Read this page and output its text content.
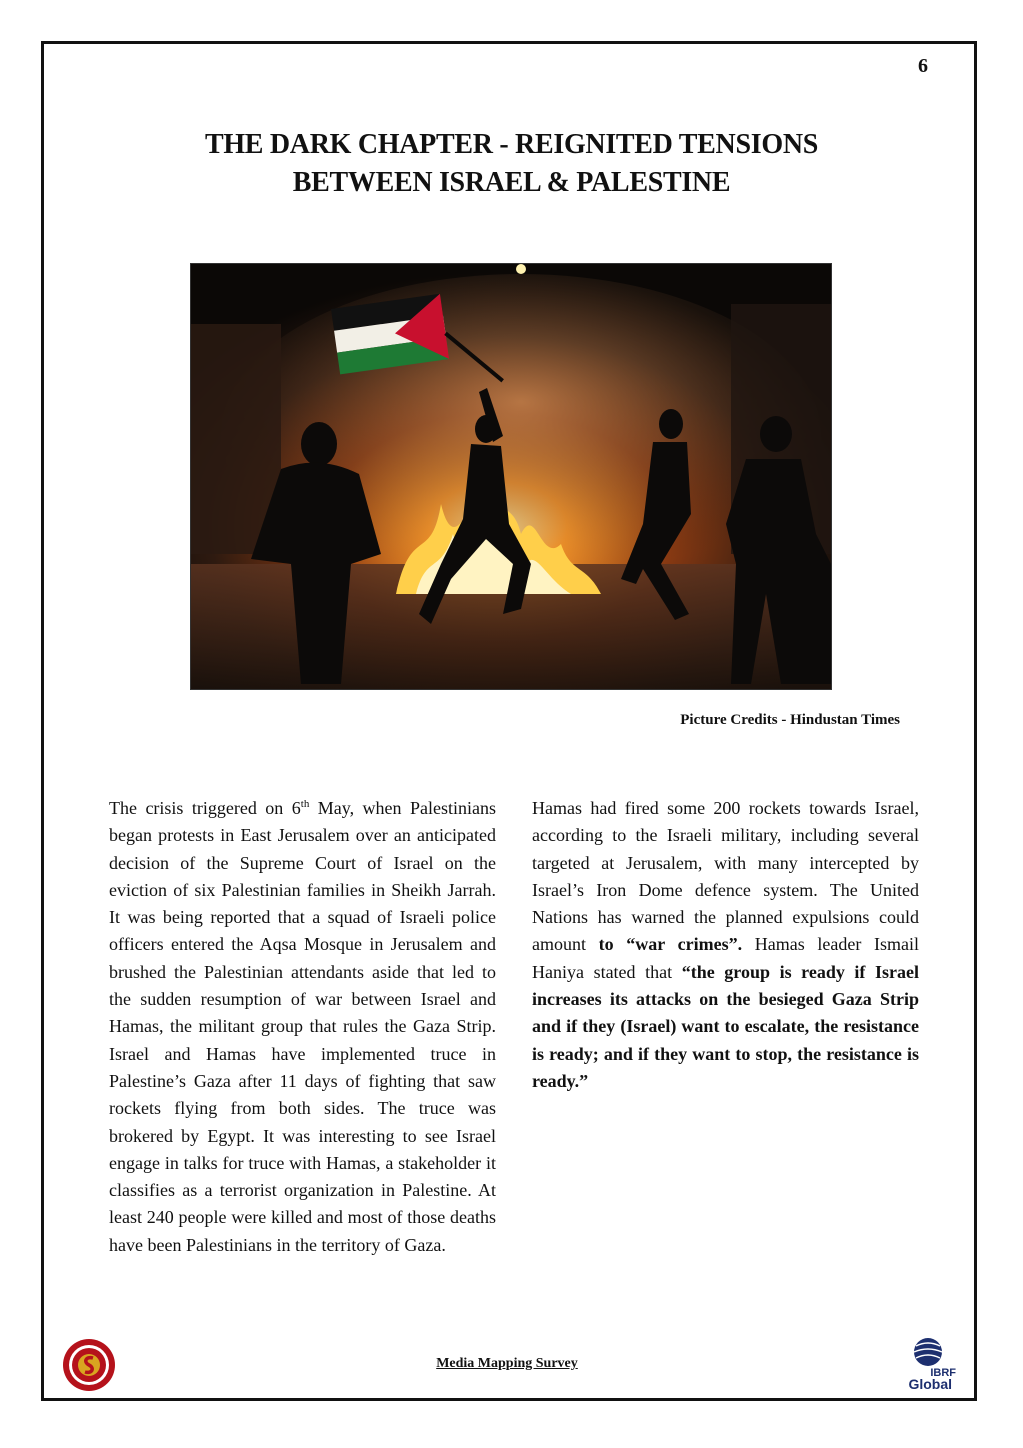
6
THE DARK CHAPTER - REIGNITED TENSIONS
BETWEEN ISRAEL & PALESTINE
Picture Credits - Hindustan Times

The crisis triggered on 6th May, when Palestinians began protests in East Jerusalem over an anticipated decision of the Supreme Court of Israel on the eviction of six Palestinian families in Sheikh Jarrah. It was being reported that a squad of Israeli police officers entered the Aqsa Mosque in Jerusalem and brushed the Palestinian attendants aside that led to the sudden resumption of war between Israel and Hamas, the militant group that rules the Gaza Strip. Israel and Hamas have implemented truce in Palestine’s Gaza after 11 days of fighting that saw rockets flying from both sides. The truce was brokered by Egypt. It was interesting to see Israel engage in talks for truce with Hamas, a stakeholder it classifies as a terrorist organization in Palestine. At least 240 people were killed and most of those deaths have been Palestinians in the territory of Gaza.

Hamas had fired some 200 rockets towards Israel, according to the Israeli military, including several targeted at Jerusalem, with many intercepted by Israel’s Iron Dome defence system. The United Nations has warned the planned expulsions could amount to “war crimes”. Hamas leader Ismail Haniya stated that “the group is ready if Israel increases its attacks on the besieged Gaza Strip and if they (Israel) want to escalate, the resistance is ready; and if they want to stop, the resistance is ready.”

Media Mapping Survey
IBRF
Global
